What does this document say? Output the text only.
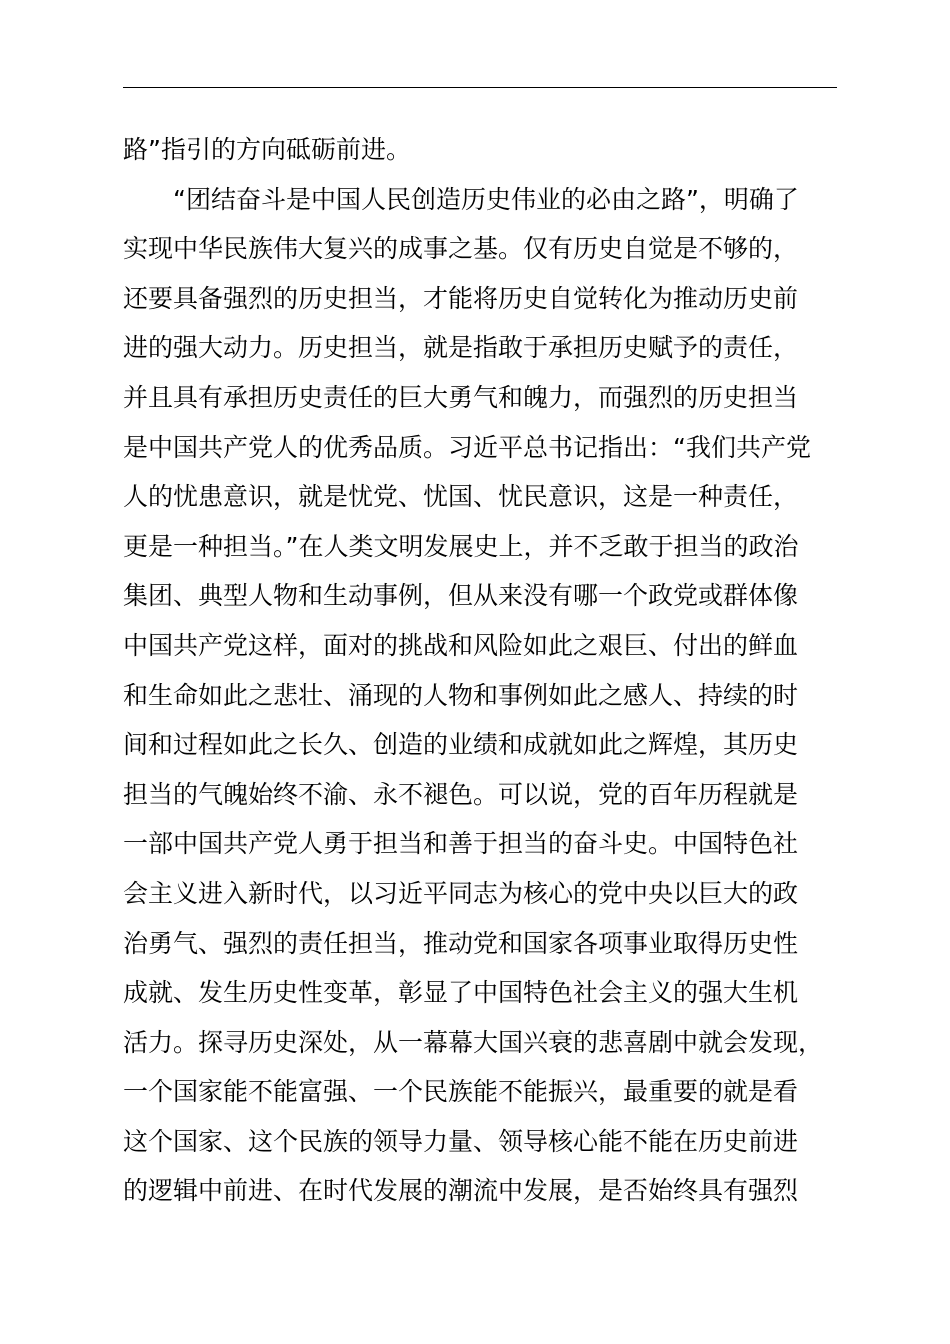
路”指引的方向砥砺前进。
“团结奋斗是中国人民创造历史伟业的必由之路”，明确了
实现中华民族伟大复兴的成事之基。仅有历史自觉是不够的，
还要具备强烈的历史担当，才能将历史自觉转化为推动历史前
进的强大动力。历史担当，就是指敢于承担历史赋予的责任，
并且具有承担历史责任的巨大勇气和魄力，而强烈的历史担当
是中国共产党人的优秀品质。习近平总书记指出：“我们共产党
人的忧患意识，就是忧党、忧国、忧民意识，这是一种责任，
更是一种担当。”在人类文明发展史上，并不乏敢于担当的政治
集团、典型人物和生动事例，但从来没有哪一个政党或群体像
中国共产党这样，面对的挑战和风险如此之艰巨、付出的鲜血
和生命如此之悲壮、涌现的人物和事例如此之感人、持续的时
间和过程如此之长久、创造的业绩和成就如此之辉煌，其历史
担当的气魄始终不渝、永不褪色。可以说，党的百年历程就是
一部中国共产党人勇于担当和善于担当的奋斗史。中国特色社
会主义进入新时代，以习近平同志为核心的党中央以巨大的政
治勇气、强烈的责任担当，推动党和国家各项事业取得历史性
成就、发生历史性变革，彰显了中国特色社会主义的强大生机
活力。探寻历史深处，从一幕幕大国兴衰的悲喜剧中就会发现，
一个国家能不能富强、一个民族能不能振兴，最重要的就是看
这个国家、这个民族的领导力量、领导核心能不能在历史前进
的逻辑中前进、在时代发展的潮流中发展，是否始终具有强烈
